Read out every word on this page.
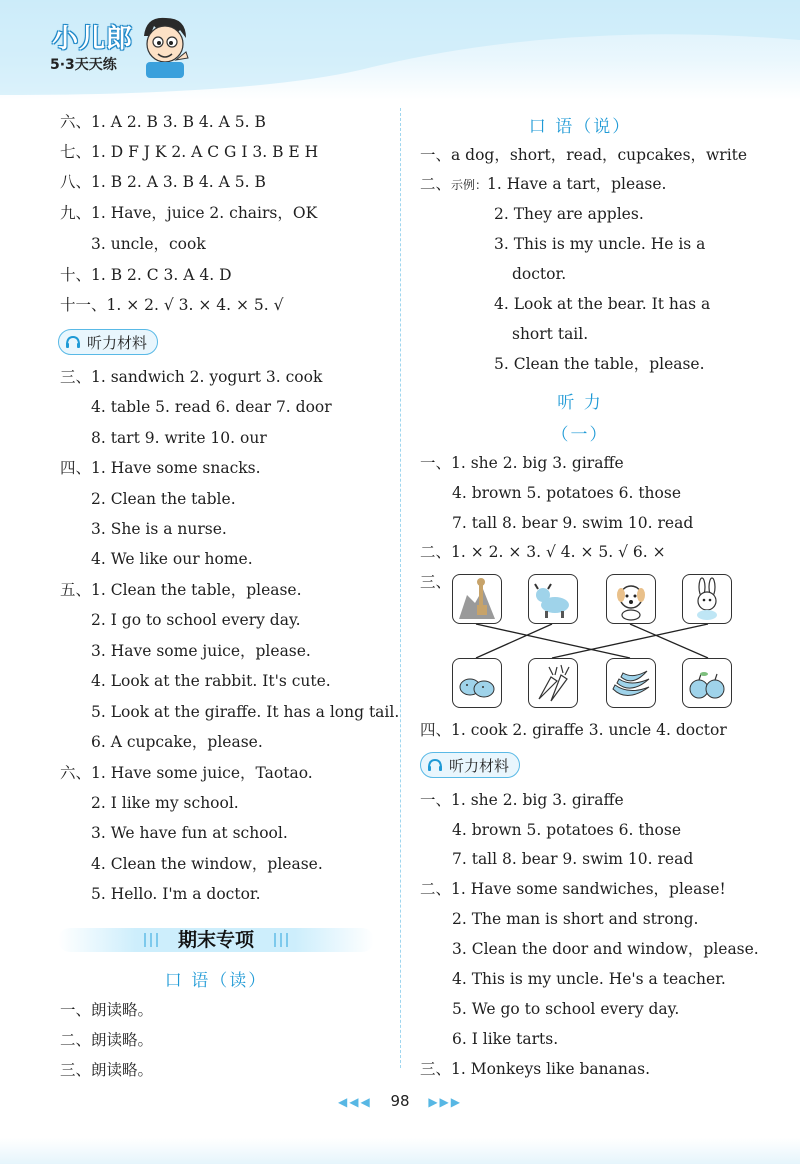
小儿郎
5·3天天练
六、1. A 2. B 3. B 4. A 5. B
七、1. D F J K 2. A C G I 3. B E H
八、1. B 2. A 3. B 4. A 5. B
九、1. Have，juice 2. chairs，OK
3. uncle，cook
十、1. B 2. C 3. A 4. D
十一、1. × 2. √ 3. × 4. × 5. √
听力材料
三、1. sandwich 2. yogurt 3. cook
4. table 5. read 6. dear 7. door
8. tart 9. write 10. our
四、1. Have some snacks.
2. Clean the table.
3. She is a nurse.
4. We like our home.
五、1. Clean the table，please.
2. I go to school every day.
3. Have some juice，please.
4. Look at the rabbit. It's cute.
5. Look at the giraffe. It has a long tail.
6. A cupcake，please.
六、1. Have some juice，Taotao.
2. I like my school.
3. We have fun at school.
4. Clean the window，please.
5. Hello. I'm a doctor.
期末专项
口 语（读）
一、朗读略。
二、朗读略。
三、朗读略。
口 语（说）
一、a dog，short，read，cupcakes，write
二、示例：1. Have a tart，please.
2. They are apples.
3. This is my uncle. He is a
doctor.
4. Look at the bear. It has a
short tail.
5. Clean the table，please.
听 力
（一）
一、1. she 2. big 3. giraffe
4. brown 5. potatoes 6. those
7. tall 8. bear 9. swim 10. read
二、1. × 2. × 3. √ 4. × 5. √ 6. ×
三、
四、1. cook 2. giraffe 3. uncle 4. doctor
听力材料
一、1. she 2. big 3. giraffe
4. brown 5. potatoes 6. those
7. tall 8. bear 9. swim 10. read
二、1. Have some sandwiches，please!
2. The man is short and strong.
3. Clean the door and window，please.
4. This is my uncle. He's a teacher.
5. We go to school every day.
6. I like tarts.
三、1. Monkeys like bananas.
◀◀◀ 98 ▶▶▶
